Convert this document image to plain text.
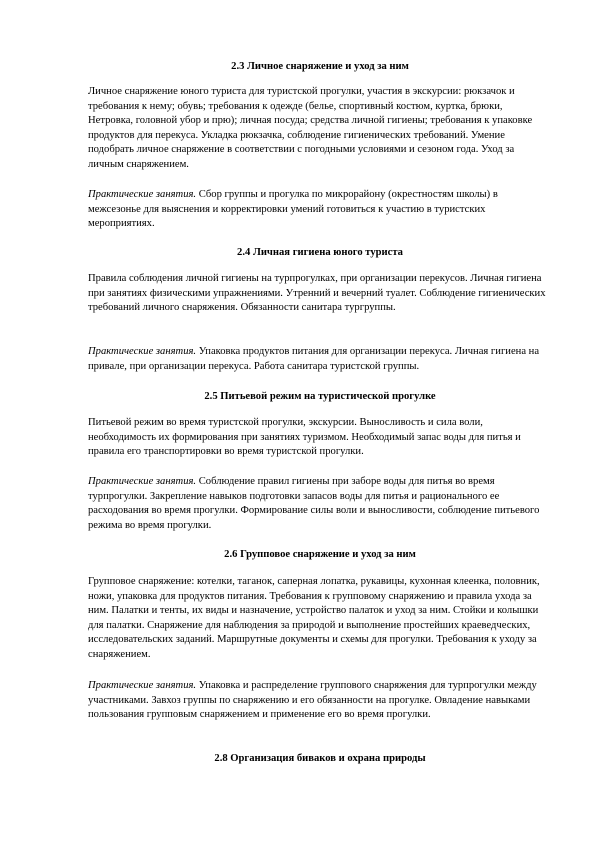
2.3 Личное снаряжение и уход за ним

Личное снаряжение юного туриста для туристской прогулки, участия в экскурсии: рюкзачок и требования к нему; обувь; требования к одежде (белье, спортивный костюм, куртка, брюки, Нетровка, головной убор и прю); личная посуда; средства личной гигиены; требования к упаковке продуктов для перекуса. Укладка рюкзачка, соблюдение гигиенических требований. Умение подобрать личное снаряжение в соответствии с погодными условиями и сезоном года. Уход за личным снаряжением.

Практические занятия. Сбор группы и прогулка по микрорайону (окрестностям школы) в межсезонье для выяснения и корректировки умений готовиться к участию в туристских мероприятиях.

2.4 Личная гигиена юного туриста

Правила соблюдения личной гигиены на турпрогулках, при организации перекусов. Личная гигиена при занятиях физическими упражнениями. Утренний и вечерний туалет. Соблюдение гигиенических требований личного снаряжения. Обязанности санитара тургруппы.

Практические занятия. Упаковка продуктов питания для организации перекуса. Личная гигиена на привале, при организации перекуса. Работа санитара туристской группы.

2.5 Питьевой режим на туристической прогулке

Питьевой режим во время туристской прогулки, экскурсии. Выносливость и сила воли, необходимость их формирования при занятиях туризмом. Необходимый запас воды для питья и правила его транспортировки во время туристской прогулки.

Практические занятия. Соблюдение правил гигиены при заборе воды для питья во время турпрогулки. Закрепление навыков подготовки запасов воды для питья и рационального ее расходования во время прогулки. Формирование силы воли и выносливости, соблюдение питьевого режима во время прогулки.

2.6 Групповое снаряжение и уход за ним

Групповое снаряжение: котелки, таганок, саперная лопатка, рукавицы, кухонная клеенка, половник, ножи, упаковка для продуктов питания. Требования к групповому снаряжению и правила ухода за ним. Палатки и тенты, их виды и назначение, устройство палаток и уход за ним. Стойки и колышки для палатки. Снаряжение для наблюдения за природой и выполнение простейших краеведческих, исследовательских заданий. Маршрутные документы и схемы для прогулки. Требования к уходу за снаряжением.

Практические занятия. Упаковка и распределение группового снаряжения для турпрогулки между участниками. Завхоз группы по снаряжению и его обязанности на прогулке. Овладение навыками пользования групповым снаряжением и применение его во время прогулки.

2.8 Организация биваков и охрана природы
